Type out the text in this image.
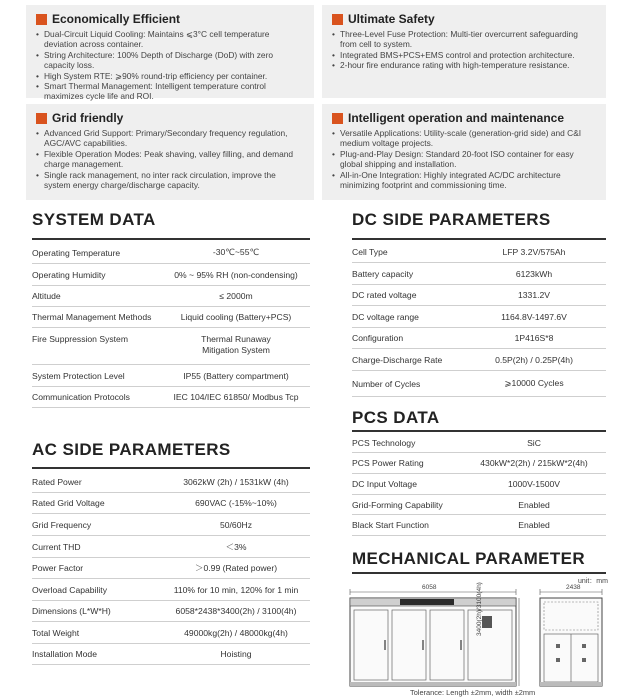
Economically Efficient
• Dual-Circuit Liquid Cooling: Maintains ⩽3°C cell temperature deviation across container.
• String Architecture: 100% Depth of Discharge (DoD) with zero capacity loss.
• High System RTE: ⩾90% round-trip efficiency per container.
• Smart Thermal Management: Intelligent temperature control maximizes cycle life and ROI.
Ultimate Safety
• Three-Level Fuse Protection: Multi-tier overcurrent safeguarding from cell to system.
• Integrated BMS+PCS+EMS control and protection architecture.
• 2-hour fire endurance rating with high-temperature resistance.
Grid friendly
• Advanced Grid Support: Primary/Secondary frequency regulation, AGC/AVC capabilities.
• Flexible Operation Modes: Peak shaving, valley filling, and demand charge management.
• Single rack management, no inter rack circulation, improve the system energy charge/discharge capacity.
Intelligent operation and maintenance
• Versatile Applications: Utility-scale (generation-grid side) and C&I medium voltage projects.
• Plug-and-Play Design: Standard 20-foot ISO container for easy global shipping and installation.
• All-in-One Integration: Highly integrated AC/DC architecture minimizing footprint and commissioning time.
SYSTEM DATA
Operating Temperature	-30℃~55℃
Operating Humidity	0% ~ 95% RH (non-condensing)
Altitude	≤ 2000m
Thermal Management Methods	Liquid cooling (Battery+PCS)
Fire Suppression System	Thermal Runaway
Mitigation System
System Protection Level	IP55 (Battery compartment)
Communication Protocols	IEC 104/IEC 61850/ Modbus Tcp
AC SIDE PARAMETERS
Rated Power	3062kW (2h) / 1531kW (4h)
Rated Grid Voltage	690VAC (-15%~10%)
Grid Frequency	50/60Hz
Current THD	＜3%
Power Factor	＞0.99 (Rated power)
Overload Capability	110% for 10 min, 120% for 1 min
Dimensions (L*W*H)	6058*2438*3400(2h) / 3100(4h)
Total Weight	49000kg(2h) / 48000kg(4h)
Installation Mode	Hoisting
DC SIDE PARAMETERS
Cell Type	LFP 3.2V/575Ah
Battery capacity	6123kWh
DC rated voltage	1331.2V
DC voltage range	1164.8V-1497.6V
Configuration	1P416S*8
Charge-Discharge Rate	0.5P(2h) / 0.25P(4h)
Number of Cycles	⩾10000 Cycles
PCS DATA
PCS Technology	SiC
PCS Power Rating	430kW*2(2h) / 215kW*2(4h)
DC Input Voltage	1000V-1500V
Grid-Forming Capability	Enabled
Black Start Function	Enabled
MECHANICAL PARAMETER
unit：mm
6058	3400(2h)/3100(4h)	2438
Tolerance: Length ±2mm, width ±2mm
